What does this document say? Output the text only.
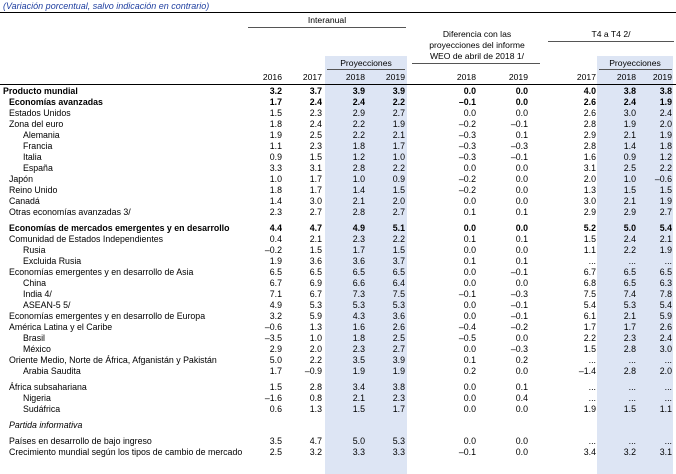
(Variación porcentual, salvo indicación en contrario)
Interanual
Diferencia con las
proyecciones del informe
WEO de abril de 2018 1/
T4 a T4 2/
Proyecciones	Proyecciones
2016	2017	2018	2019	2018	2019	2017	2018	2019
Producto mundial	3.2	3.7	3.9	3.9	0.0	0.0	4.0	3.8	3.8
Economías avanzadas	1.7	2.4	2.4	2.2	–0.1	0.0	2.6	2.4	1.9
Estados Unidos	1.5	2.3	2.9	2.7	0.0	0.0	2.6	3.0	2.4
Zona del euro	1.8	2.4	2.2	1.9	–0.2	–0.1	2.8	1.9	2.0
Alemania	1.9	2.5	2.2	2.1	–0.3	0.1	2.9	2.1	1.9
Francia	1.1	2.3	1.8	1.7	–0.3	–0.3	2.8	1.4	1.8
Italia	0.9	1.5	1.2	1.0	–0.3	–0.1	1.6	0.9	1.2
España	3.3	3.1	2.8	2.2	0.0	0.0	3.1	2.5	2.2
Japón	1.0	1.7	1.0	0.9	–0.2	0.0	2.0	1.0	–0.6
Reino Unido	1.8	1.7	1.4	1.5	–0.2	0.0	1.3	1.5	1.5
Canadá	1.4	3.0	2.1	2.0	0.0	0.0	3.0	2.1	1.9
Otras economías avanzadas 3/	2.3	2.7	2.8	2.7	0.1	0.1	2.9	2.9	2.7
Economías de mercados emergentes y en desarrollo	4.4	4.7	4.9	5.1	0.0	0.0	5.2	5.0	5.4
Comunidad de Estados Independientes	0.4	2.1	2.3	2.2	0.1	0.1	1.5	2.4	2.1
Rusia	–0.2	1.5	1.7	1.5	0.0	0.0	1.1	2.2	1.9
Excluida Rusia	1.9	3.6	3.6	3.7	0.1	0.1	...	...	...
Economías emergentes y en desarrollo de Asia	6.5	6.5	6.5	6.5	0.0	–0.1	6.7	6.5	6.5
China	6.7	6.9	6.6	6.4	0.0	0.0	6.8	6.5	6.3
India 4/	7.1	6.7	7.3	7.5	–0.1	–0.3	7.5	7.4	7.8
ASEAN-5 5/	4.9	5.3	5.3	5.3	0.0	–0.1	5.4	5.3	5.4
Economías emergentes y en desarrollo de Europa	3.2	5.9	4.3	3.6	0.0	–0.1	6.1	2.1	5.9
América Latina y el Caribe	–0.6	1.3	1.6	2.6	–0.4	–0.2	1.7	1.7	2.6
Brasil	–3.5	1.0	1.8	2.5	–0.5	0.0	2.2	2.3	2.4
México	2.9	2.0	2.3	2.7	0.0	–0.3	1.5	2.8	3.0
Oriente Medio, Norte de África, Afganistán y Pakistán	5.0	2.2	3.5	3.9	0.1	0.2	...	...	...
Arabia Saudita	1.7	–0.9	1.9	1.9	0.2	0.0	–1.4	2.8	2.0
África subsahariana	1.5	2.8	3.4	3.8	0.0	0.1	...	...	...
Nigeria	–1.6	0.8	2.1	2.3	0.0	0.4	...	...	...
Sudáfrica	0.6	1.3	1.5	1.7	0.0	0.0	1.9	1.5	1.1
Partida informativa
Países en desarrollo de bajo ingreso	3.5	4.7	5.0	5.3	0.0	0.0	...	...	...
Crecimiento mundial según los tipos de cambio de mercado	2.5	3.2	3.3	3.3	–0.1	0.0	3.4	3.2	3.1
